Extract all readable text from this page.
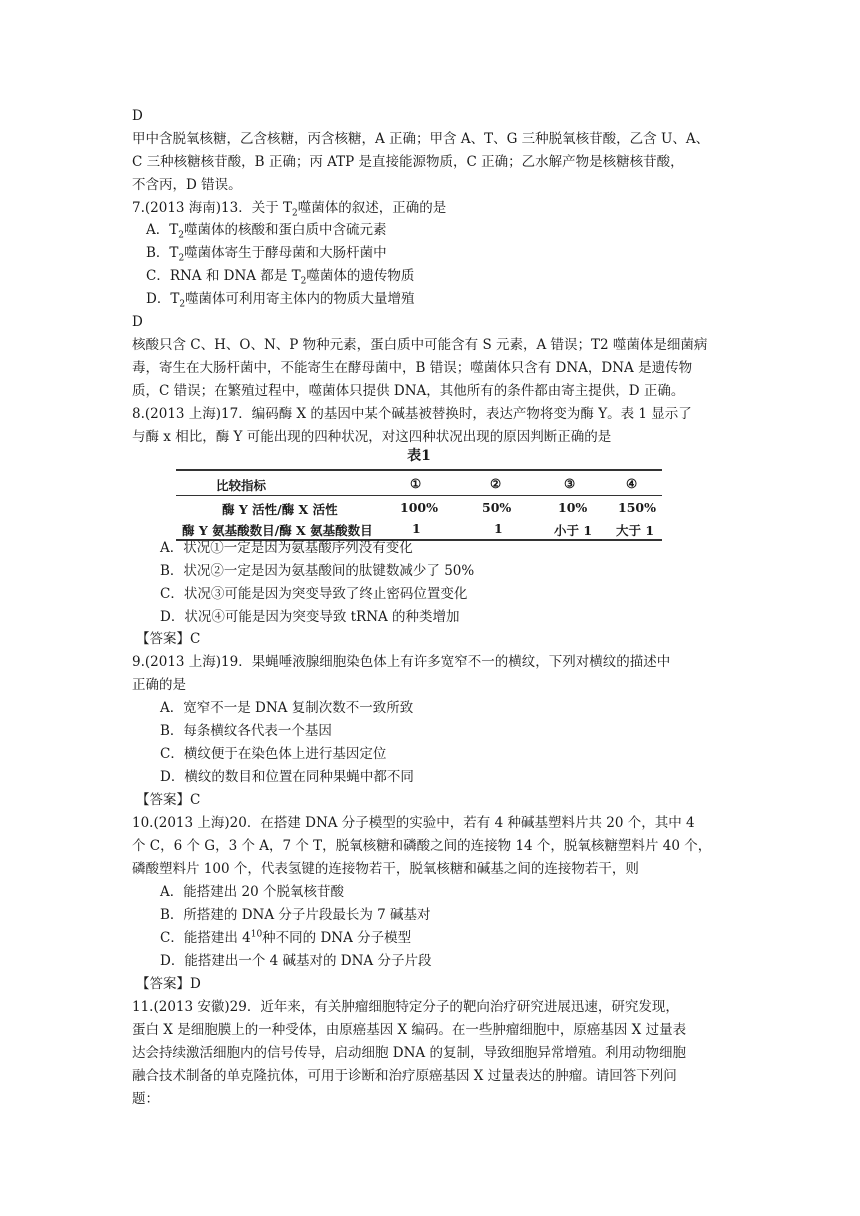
D
甲中含脱氧核糖，乙含核糖，丙含核糖，A 正确；甲含 A、T、G 三种脱氧核苷酸，乙含 U、A、
C 三种核糖核苷酸，B 正确；丙 ATP 是直接能源物质，C 正确；乙水解产物是核糖核苷酸，
不含丙，D 错误。
7.(2013 海南)13．关于 $T_2$噬菌体的叙述，正确的是
A．$T_2$噬菌体的核酸和蛋白质中含硫元素
B．$T_2$噬菌体寄生于酵母菌和大肠杆菌中
C．RNA 和 DNA 都是 $T_2$噬菌体的遗传物质
D．$T_2$噬菌体可利用寄主体内的物质大量增殖
D
核酸只含 C、H、O、N、P 物种元素，蛋白质中可能含有 S 元素，A 错误；T2 噬菌体是细菌病
毒，寄生在大肠杆菌中，不能寄生在酵母菌中，B 错误；噬菌体只含有 DNA，DNA 是遗传物
质，C 错误；在繁殖过程中，噬菌体只提供 DNA，其他所有的条件都由寄主提供，D 正确。
8.(2013 上海)17．编码酶 X 的基因中某个碱基被替换时，表达产物将变为酶 Y。表 1 显示了
与酶 x 相比，酶 Y 可能出现的四种状况，对这四种状况出现的原因判断正确的是
表1
比较指标	①	②	③	④
酶 Y 活性/酶 X 活性	100%	50%	10% 150%
酶 Y 氨基酸数目/酶 X 氨基酸数目	1	1	小于 1 大于 1
A．状况①一定是因为氨基酸序列没有变化
B．状况②一定是因为氨基酸间的肽键数减少了 50%
C．状况③可能是因为突变导致了终止密码位置变化
D．状况④可能是因为突变导致 tRNA 的种类增加
【答案】C
9.(2013 上海)19．果蝇唾液腺细胞染色体上有许多宽窄不一的横纹，下列对横纹的描述中
正确的是
A．宽窄不一是 DNA 复制次数不一致所致
B．每条横纹各代表一个基因
C．横纹便于在染色体上进行基因定位
D．横纹的数目和位置在同种果蝇中都不同
【答案】C
10.(2013 上海)20．在搭建 DNA 分子模型的实验中，若有 4 种碱基塑料片共 20 个，其中 4
个 C，6 个 G，3 个 A，7 个 T，脱氧核糖和磷酸之间的连接物 14 个，脱氧核糖塑料片 40 个，
磷酸塑料片 100 个，代表氢键的连接物若干，脱氧核糖和碱基之间的连接物若干，则
A．能搭建出 20 个脱氧核苷酸
B．所搭建的 DNA 分子片段最长为 7 碱基对
C．能搭建出 $4^{10}$种不同的 DNA 分子模型
D．能搭建出一个 4 碱基对的 DNA 分子片段
【答案】D
11.(2013 安徽)29．近年来，有关肿瘤细胞特定分子的靶向治疗研究进展迅速，研究发现，
蛋白 X 是细胞膜上的一种受体，由原癌基因 X 编码。在一些肿瘤细胞中，原癌基因 X 过量表
达会持续激活细胞内的信号传导，启动细胞 DNA 的复制，导致细胞异常增殖。利用动物细胞
融合技术制备的单克隆抗体，可用于诊断和治疗原癌基因 X 过量表达的肿瘤。请回答下列问
题：
